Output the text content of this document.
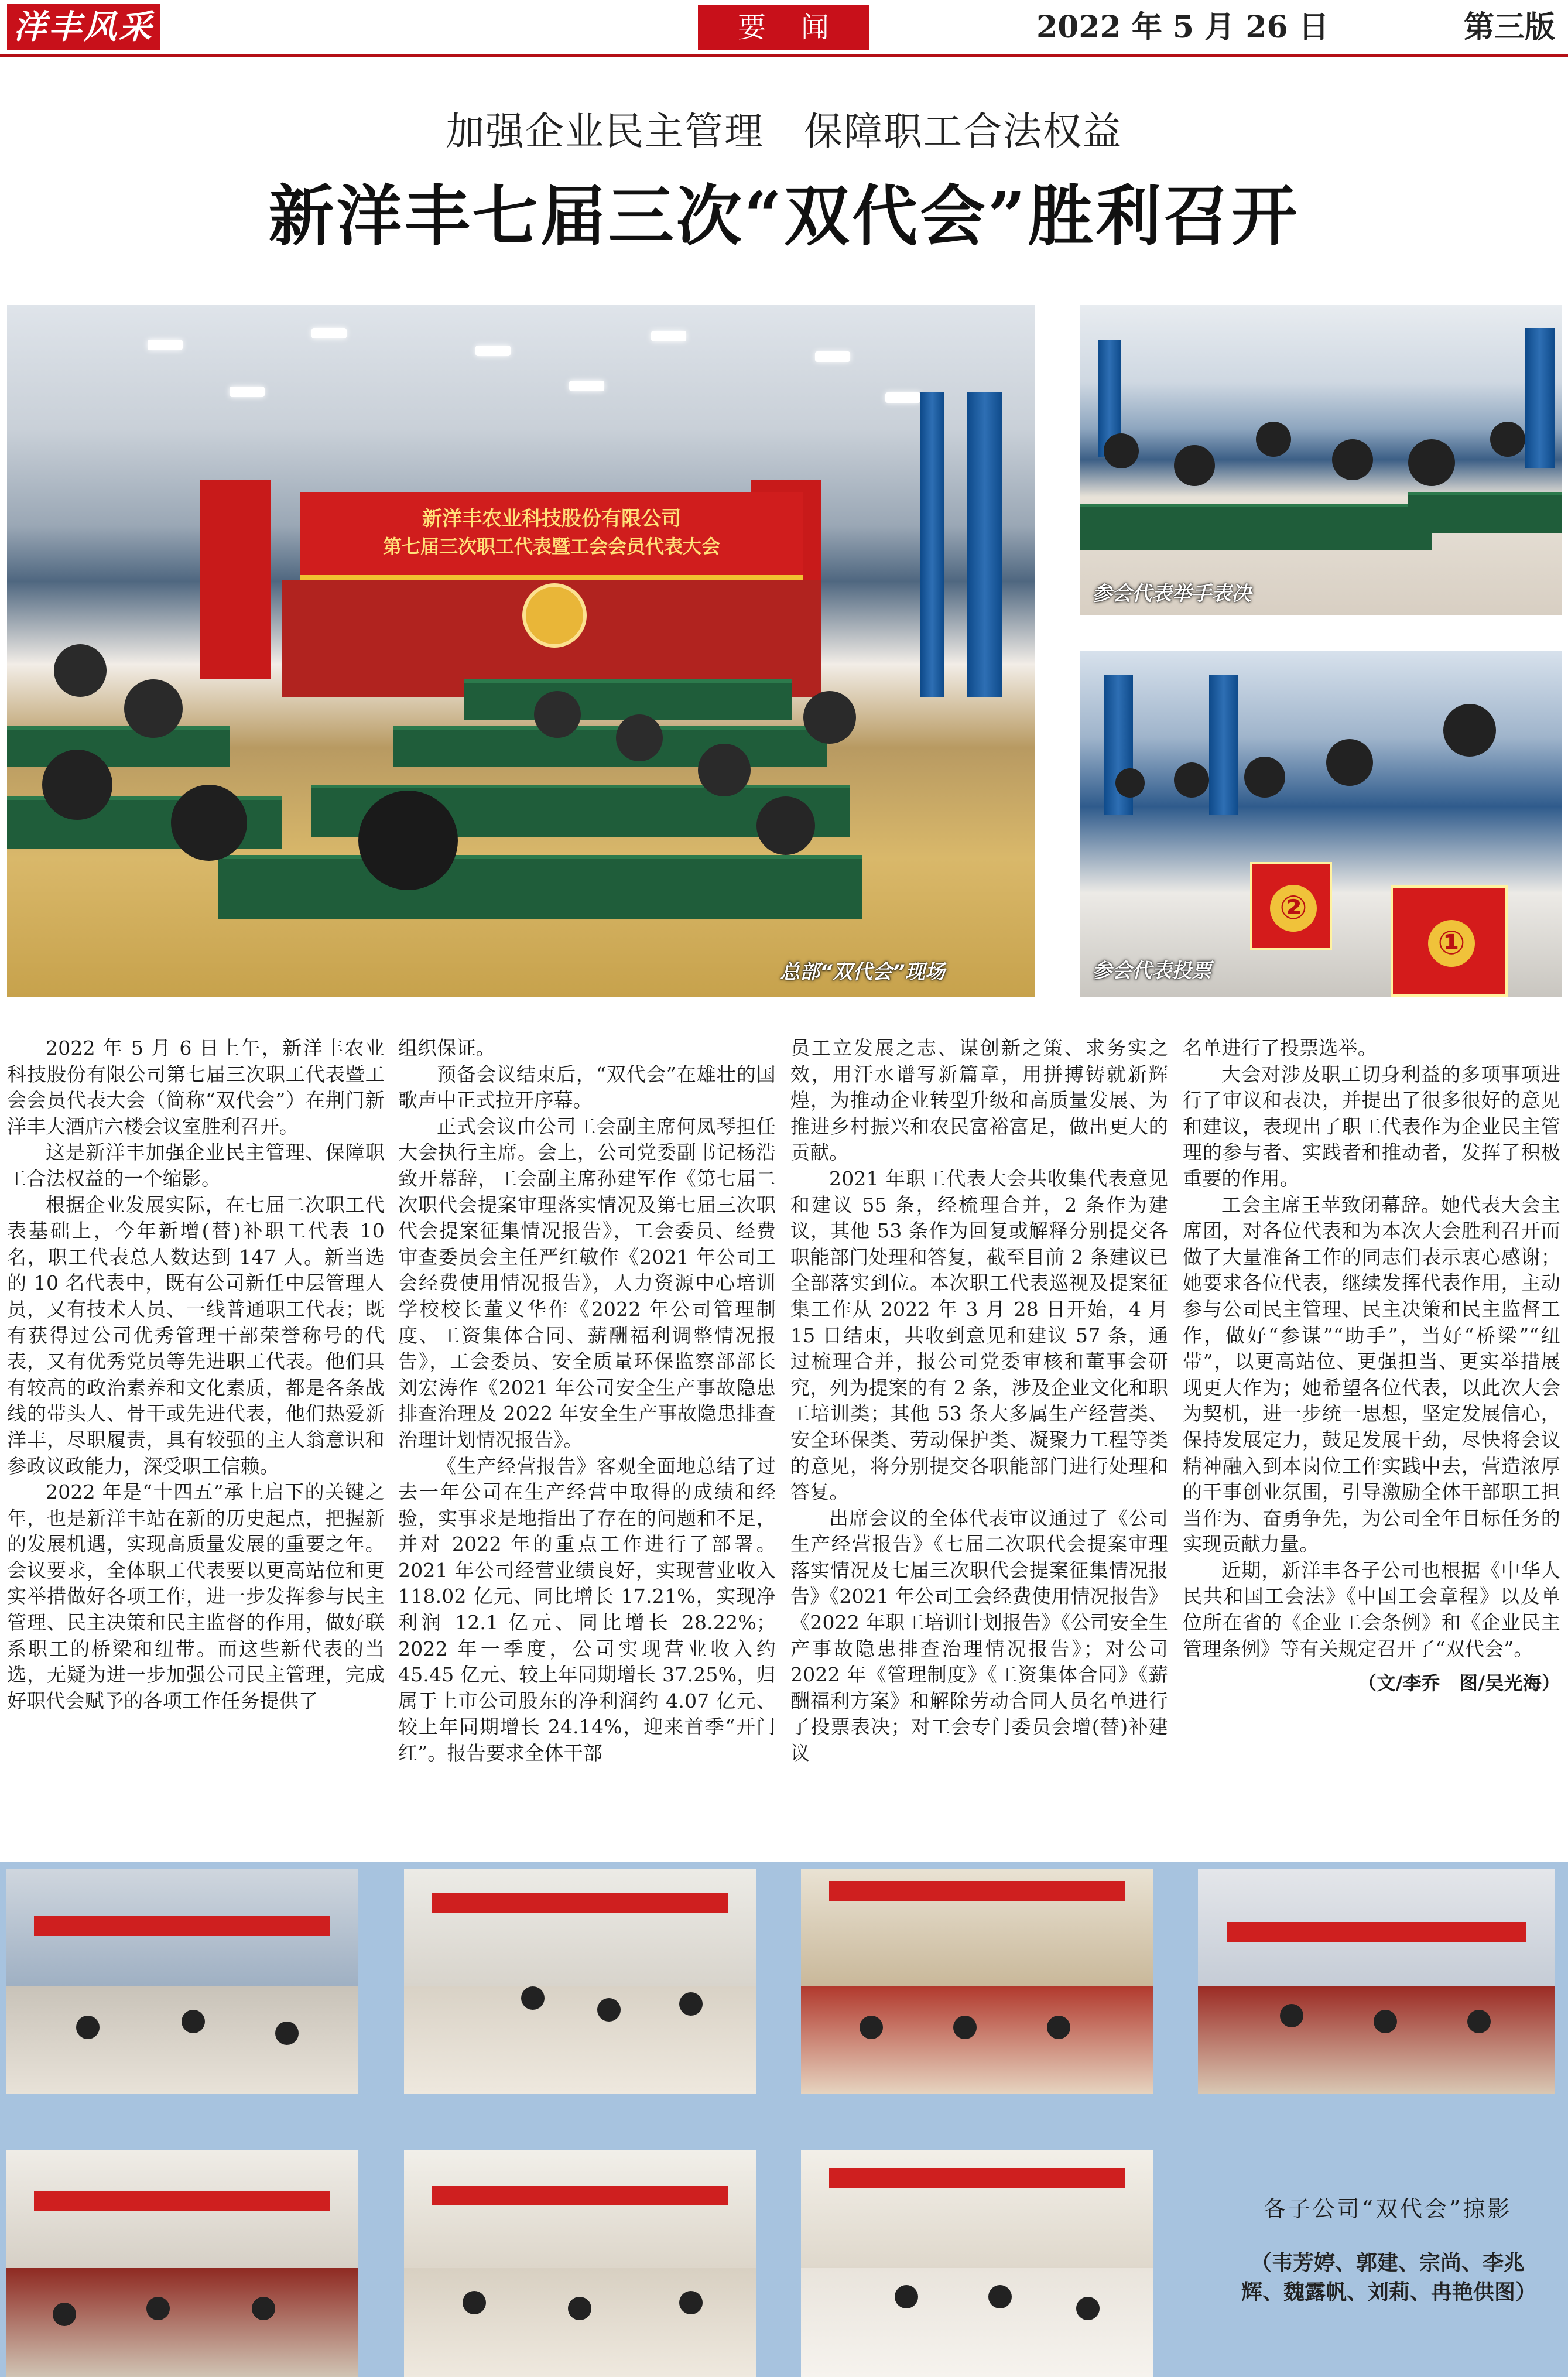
洋丰风采	要闻	2022 年 5 月 26 日	第三版
加强企业民主管理　保障职工合法权益
新洋丰七届三次“双代会”胜利召开
新洋丰农业科技股份有限公司
第七届三次职工代表暨工会会员代表大会
总部“双代会”现场
参会代表举手表决
②
①
参会代表投票

2022 年 5 月 6 日上午，新洋丰农业科技股份有限公司第七届三次职工代表暨工会会员代表大会（简称“双代会”）在荆门新洋丰大酒店六楼会议室胜利召开。

这是新洋丰加强企业民主管理、保障职工合法权益的一个缩影。

根据企业发展实际，在七届二次职工代表基础上，今年新增(替)补职工代表 10 名，职工代表总人数达到 147 人。新当选的 10 名代表中，既有公司新任中层管理人员，又有技术人员、一线普通职工代表；既有获得过公司优秀管理干部荣誉称号的代表，又有优秀党员等先进职工代表。他们具有较高的政治素养和文化素质，都是各条战线的带头人、骨干或先进代表，他们热爱新洋丰，尽职履责，具有较强的主人翁意识和参政议政能力，深受职工信赖。

2022 年是“十四五”承上启下的关键之年，也是新洋丰站在新的历史起点，把握新的发展机遇，实现高质量发展的重要之年。会议要求，全体职工代表要以更高站位和更实举措做好各项工作，进一步发挥参与民主管理、民主决策和民主监督的作用，做好联系职工的桥梁和纽带。而这些新代表的当选，无疑为进一步加强公司民主管理，完成好职代会赋予的各项工作任务提供了

组织保证。

预备会议结束后，“双代会”在雄壮的国歌声中正式拉开序幕。

正式会议由公司工会副主席何凤琴担任大会执行主席。会上，公司党委副书记杨浩致开幕辞，工会副主席孙建军作《第七届二次职代会提案审理落实情况及第七届三次职代会提案征集情况报告》，工会委员、经费审查委员会主任严红敏作《2021 年公司工会经费使用情况报告》，人力资源中心培训学校校长董义华作《2022 年公司管理制度、工资集体合同、薪酬福利调整情况报告》，工会委员、安全质量环保监察部部长刘宏涛作《2021 年公司安全生产事故隐患排查治理及 2022 年安全生产事故隐患排查治理计划情况报告》。

《生产经营报告》客观全面地总结了过去一年公司在生产经营中取得的成绩和经验，实事求是地指出了存在的问题和不足，并对 2022 年的重点工作进行了部署。2021 年公司经营业绩良好，实现营业收入 118.02 亿元、同比增长 17.21%，实现净利润 12.1 亿元、同比增长 28.22%；2022 年一季度，公司实现营业收入约 45.45 亿元、较上年同期增长 37.25%，归属于上市公司股东的净利润约 4.07 亿元、较上年同期增长 24.14%，迎来首季“开门红”。报告要求全体干部

员工立发展之志、谋创新之策、求务实之效，用汗水谱写新篇章，用拼搏铸就新辉煌，为推动企业转型升级和高质量发展、为推进乡村振兴和农民富裕富足，做出更大的贡献。

2021 年职工代表大会共收集代表意见和建议 55 条，经梳理合并，2 条作为建议，其他 53 条作为回复或解释分别提交各职能部门处理和答复，截至目前 2 条建议已全部落实到位。本次职工代表巡视及提案征集工作从 2022 年 3 月 28 日开始，4 月 15 日结束，共收到意见和建议 57 条，通过梳理合并，报公司党委审核和董事会研究，列为提案的有 2 条，涉及企业文化和职工培训类；其他 53 条大多属生产经营类、安全环保类、劳动保护类、凝聚力工程等类的意见，将分别提交各职能部门进行处理和答复。

出席会议的全体代表审议通过了《公司生产经营报告》《七届二次职代会提案审理落实情况及七届三次职代会提案征集情况报告》《2021 年公司工会经费使用情况报告》《2022 年职工培训计划报告》《公司安全生产事故隐患排查治理情况报告》；对公司 2022 年《管理制度》《工资集体合同》《薪酬福利方案》和解除劳动合同人员名单进行了投票表决；对工会专门委员会增(替)补建议

名单进行了投票选举。

大会对涉及职工切身利益的多项事项进行了审议和表决，并提出了很多很好的意见和建议，表现出了职工代表作为企业民主管理的参与者、实践者和推动者，发挥了积极重要的作用。

工会主席王苹致闭幕辞。她代表大会主席团，对各位代表和为本次大会胜利召开而做了大量准备工作的同志们表示衷心感谢；她要求各位代表，继续发挥代表作用，主动参与公司民主管理、民主决策和民主监督工作，做好“参谋”“助手”，当好“桥梁”“纽带”，以更高站位、更强担当、更实举措展现更大作为；她希望各位代表，以此次大会为契机，进一步统一思想，坚定发展信心，保持发展定力，鼓足发展干劲，尽快将会议精神融入到本岗位工作实践中去，营造浓厚的干事创业氛围，引导激励全体干部职工担当作为、奋勇争先，为公司全年目标任务的实现贡献力量。

近期，新洋丰各子公司也根据《中华人民共和国工会法》《中国工会章程》以及单位所在省的《企业工会条例》和《企业民主管理条例》等有关规定召开了“双代会”。

（文/李乔　图/吴光海）
各子公司“双代会”掠影
（韦芳婷、郭建、宗尚、李兆辉、魏露帆、刘莉、冉艳供图）
